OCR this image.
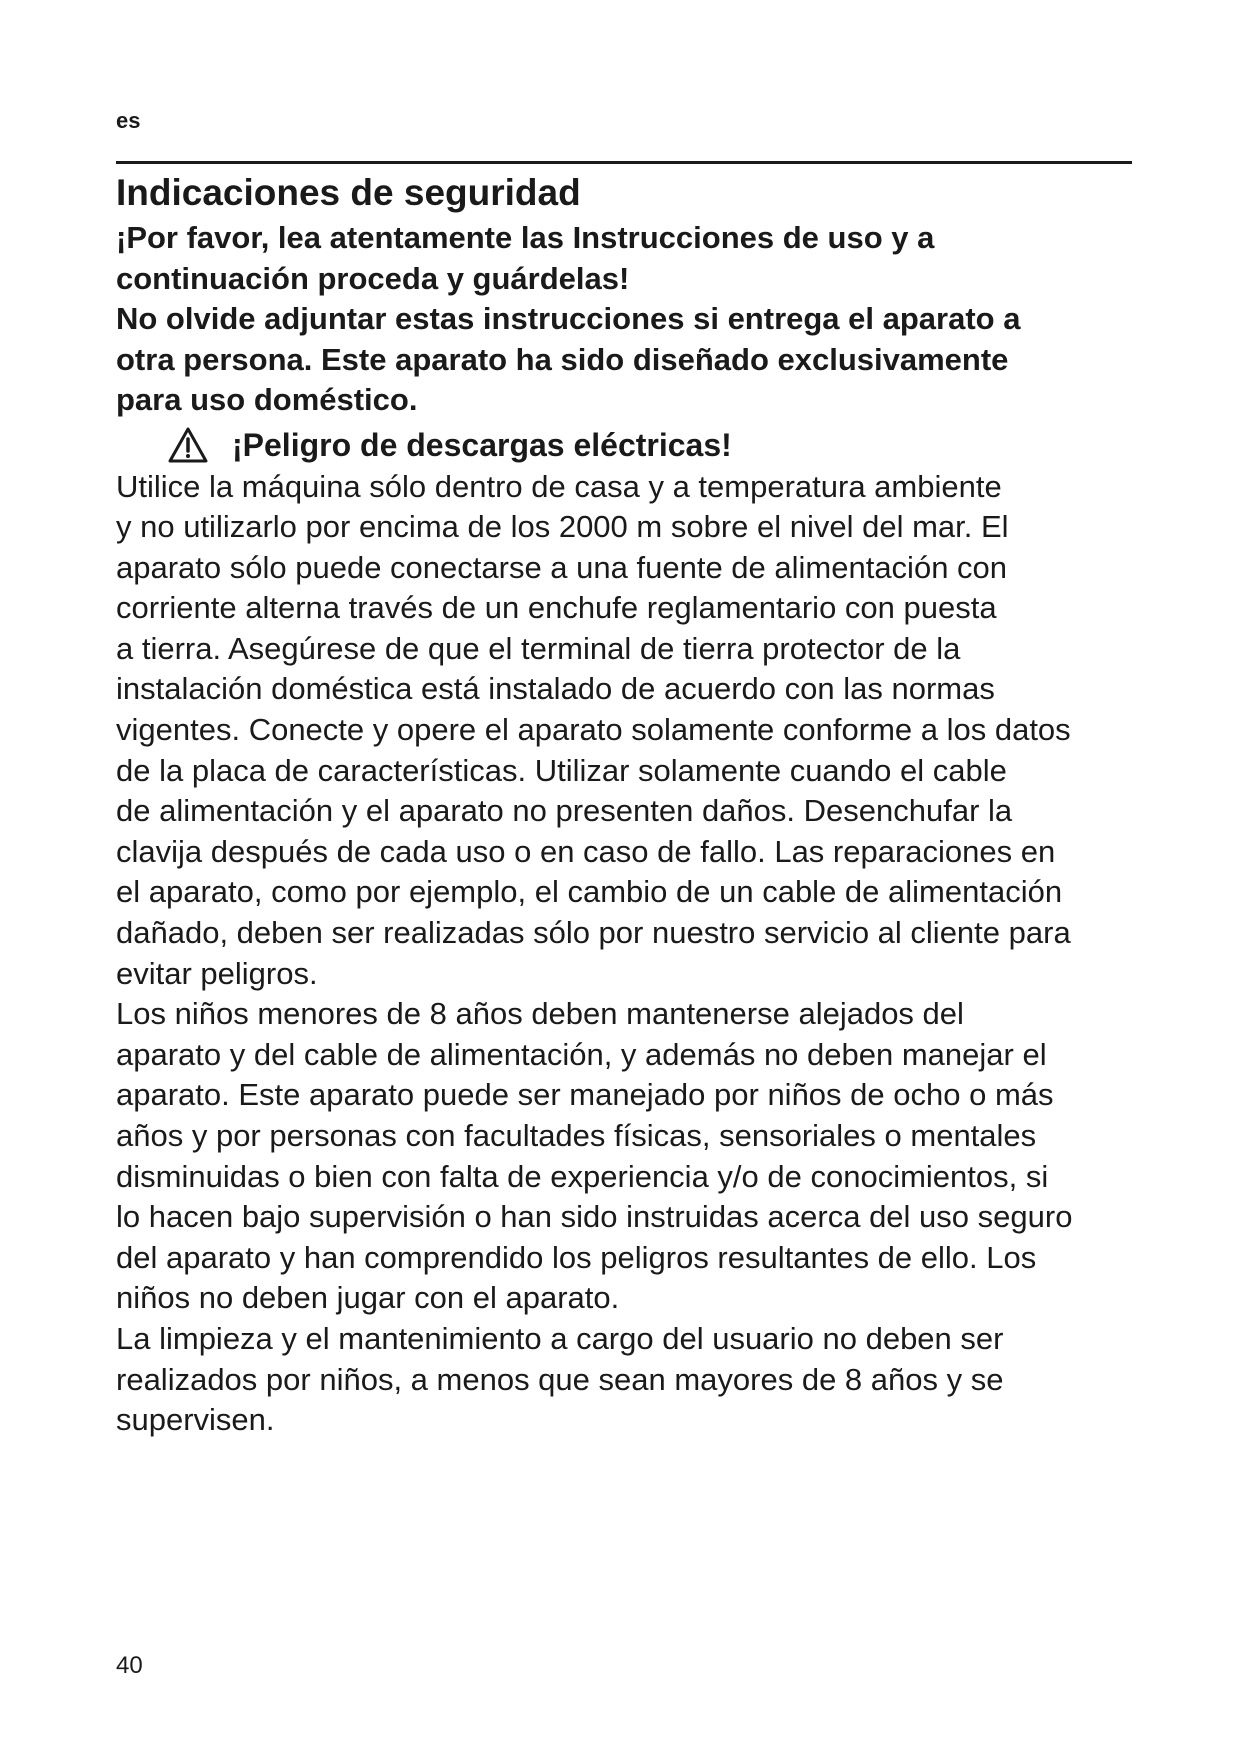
es
Indicaciones de seguridad
¡Por favor, lea atentamente las Instrucciones de uso y a
continuación proceda y guárdelas!
No olvide adjuntar estas instrucciones si entrega el aparato a
otra persona. Este aparato ha sido diseñado exclusivamente
para uso doméstico.
¡Peligro de descargas eléctricas!
Utilice la máquina sólo dentro de casa y a temperatura ambiente
y no utilizarlo por encima de los 2000 m sobre el nivel del mar. El
aparato sólo puede conectarse a una fuente de alimentación con
corriente alterna través de un enchufe reglamentario con puesta
a tierra. Asegúrese de que el terminal de tierra protector de la
instalación doméstica está instalado de acuerdo con las normas
vigentes. Conecte y opere el aparato solamente conforme a los datos
de la placa de características. Utilizar solamente cuando el cable
de alimentación y el aparato no presenten daños. Desenchufar la
clavija después de cada uso o en caso de fallo. Las reparaciones en
el aparato, como por ejemplo, el cambio de un cable de alimentación
dañado, deben ser realizadas sólo por nuestro servicio al cliente para
evitar peligros.
Los niños menores de 8 años deben mantenerse alejados del
aparato y del cable de alimentación, y además no deben manejar el
aparato. Este aparato puede ser manejado por niños de ocho o más
años y por personas con facultades físicas, sensoriales o mentales
disminuidas o bien con falta de experiencia y/o de conocimientos, si
lo hacen bajo supervisión o han sido instruidas acerca del uso seguro
del aparato y han comprendido los peligros resultantes de ello. Los
niños no deben jugar con el aparato.
La limpieza y el mantenimiento a cargo del usuario no deben ser
realizados por niños, a menos que sean mayores de 8 años y se
supervisen.
40
